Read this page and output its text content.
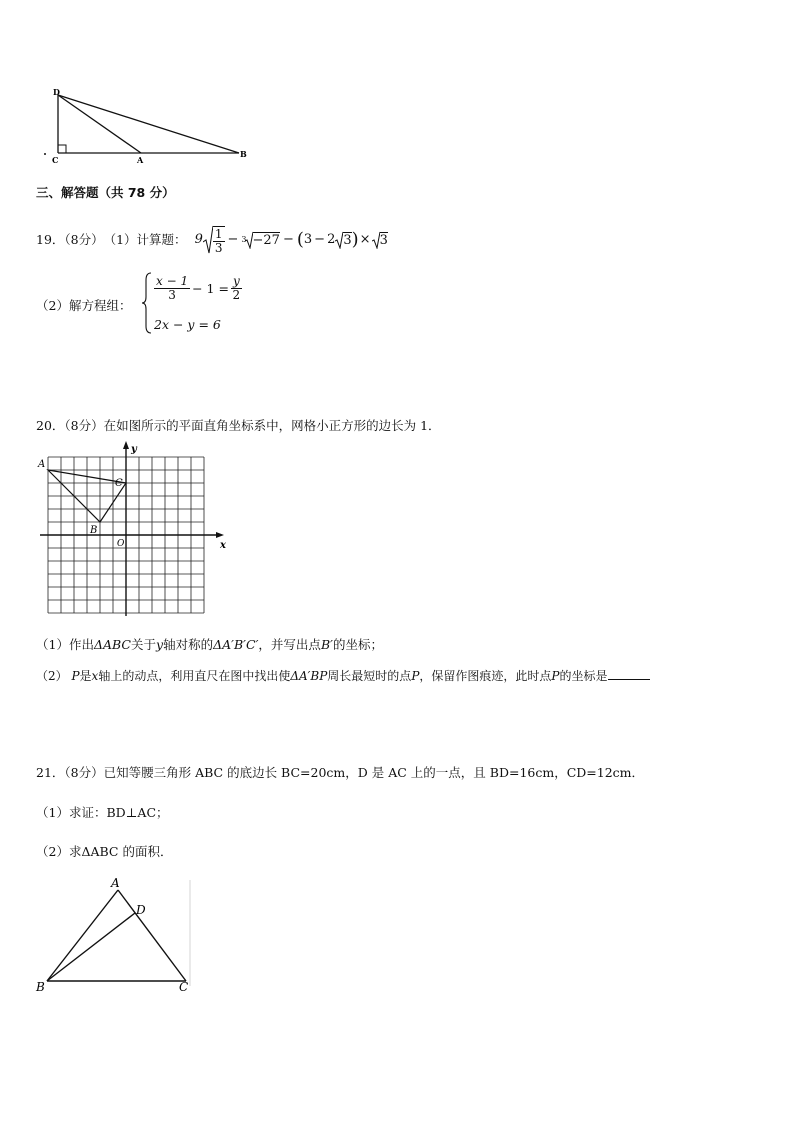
D
C	A
B
三、解答题（共 78 分）
19．（8分） （1）计算题： $9 \frac{1}{3} - 3 -27$ − ( 3 − 2 3 ) × 3
（2）解方程组：
$\frac{x - 1}{3} - 1 = \frac{y}{2}$
2x − y = 6
20．（8分）在如图所示的平面直角坐标系中，网格小正方形的边长为 1．
A
B
C
O	x
y
（1）作出ΔABC关于y轴对称的ΔA′B′C′，并写出点B′的坐标；
（2） P是x轴上的动点，利用直尺在图中找出使ΔA′BP周长最短时的点P，保留作图痕迹，此时点P的坐标是
21．（8分）已知等腰三角形 ABC 的底边长 BC=20cm，D 是 AC 上的一点，且 BD=16cm，CD=12cm．
（1）求证：BD⊥AC；
（2）求ΔABC 的面积．
A
B	C
D
